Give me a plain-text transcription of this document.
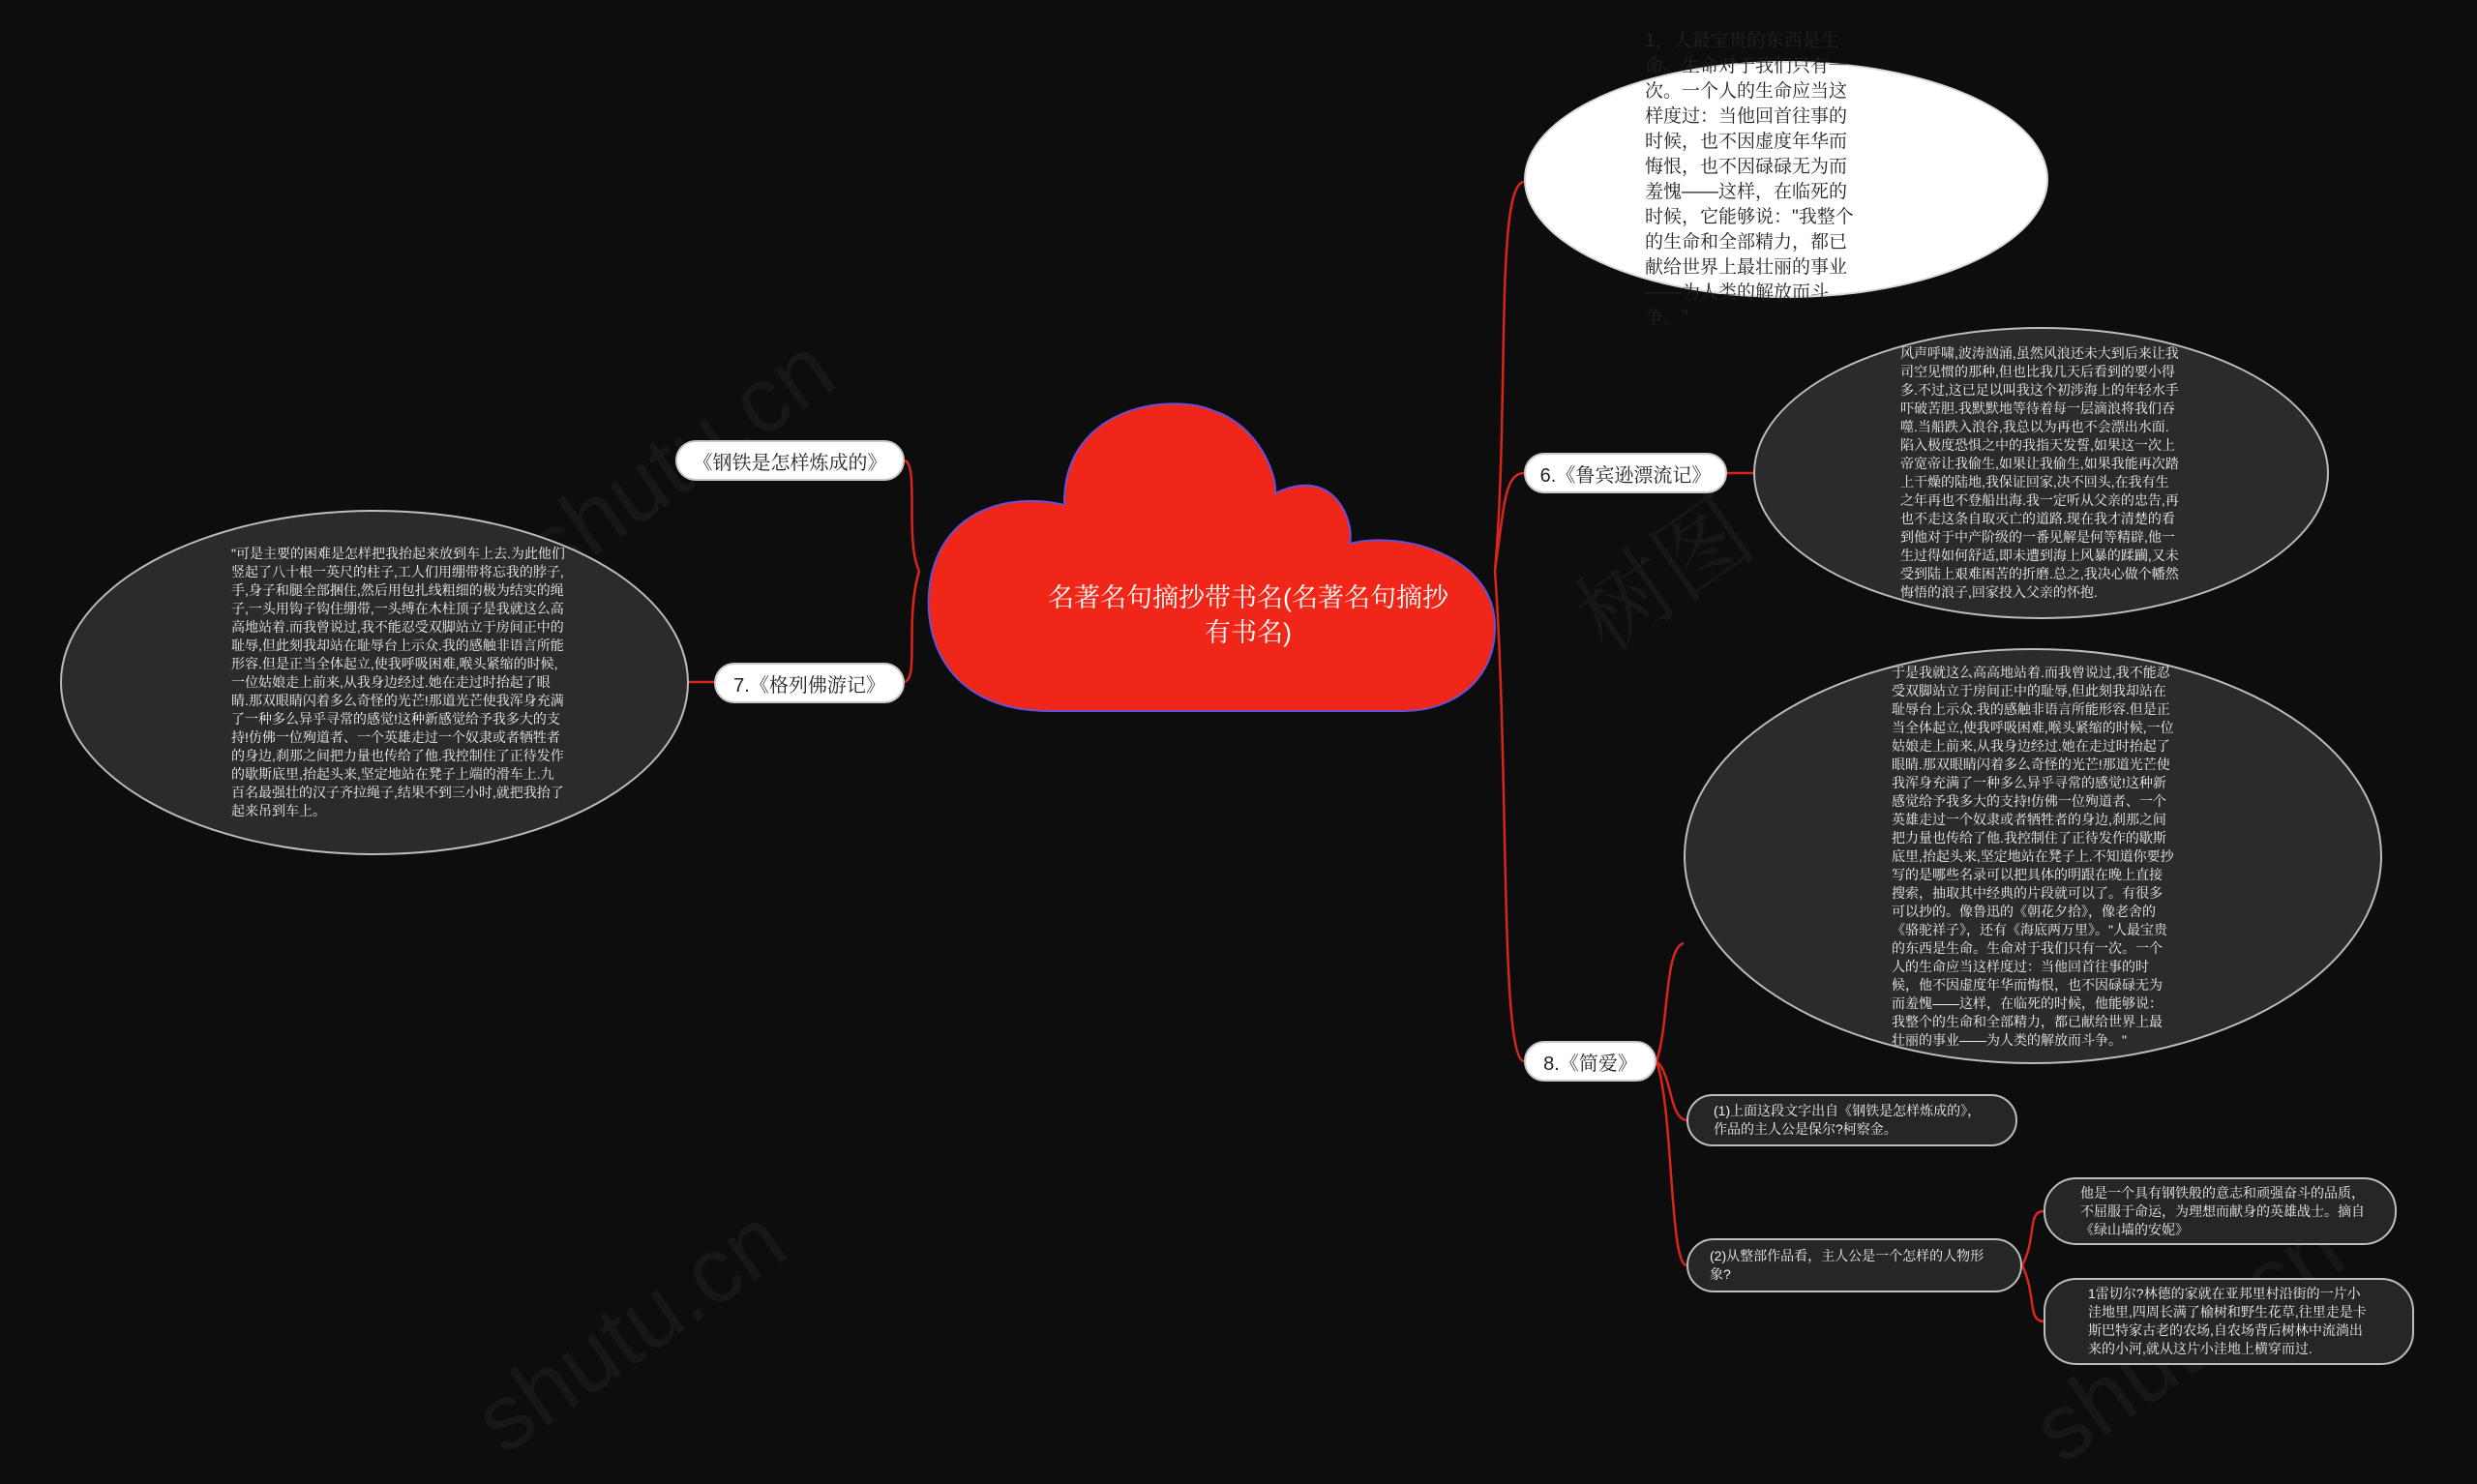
名著名句摘抄带书名(名著名句摘抄有书名)
《钢铁是怎样炼成的》
7.《格列佛游记》
"可是主要的困难是怎样把我抬起来放到车上去.为此他们竖起了八十根一英尺的柱子,工人们用绷带将忘我的脖子,手,身子和腿全部捆住,然后用包扎线粗细的极为结实的绳子,一头用钩子钩住绷带,一头缚在木柱顶子是我就这么高高地站着.而我曾说过,我不能忍受双脚站立于房间正中的耻辱,但此刻我却站在耻辱台上示众.我的感触非语言所能形容.但是正当全体起立,使我呼吸困难,喉头紧缩的时候,一位姑娘走上前来,从我身边经过.她在走过时抬起了眼睛.那双眼睛闪着多么奇怪的光芒!那道光芒使我浑身充满了一种多么异乎寻常的感觉!这种新感觉给予我多大的支持!仿佛一位殉道者、一个英雄走过一个奴隶或者牺牲者的身边,刹那之间把力量也传给了他.我控制住了正待发作的歇斯底里,抬起头来,坚定地站在凳子上端的滑车上.九百名最强壮的汉子齐拉绳子,结果不到三小时,就把我抬了起来吊到车上。
1，人最宝贵的东西是生命。生命对于我们只有一次。一个人的生命应当这样度过：当他回首往事的时候，也不因虚度年华而悔恨，也不因碌碌无为而羞愧——这样，在临死的时候，它能够说："我整个的生命和全部精力，都已献给世界上最壮丽的事业——为人类的解放而斗争。"
6.《鲁宾逊漂流记》
风声呼啸,波涛汹涌,虽然风浪还未大到后来让我司空见惯的那种,但也比我几天后看到的要小得多.不过,这已足以叫我这个初涉海上的年轻水手吓破苦胆.我默默地等待着每一层滴浪将我们吞噬.当船跌入浪谷,我总以为再也不会漂出水面.陷入极度恐惧之中的我指天发誓,如果这一次上帝宽帝让我偷生,如果让我偷生,如果我能再次踏上干燥的陆地,我保证回家,决不回头,在我有生之年再也不登船出海.我一定听从父亲的忠告,再也不走这条自取灭亡的道路.现在我才清楚的看到他对于中产阶级的一番见解是何等精辟,他一生过得如何舒适,即未遭到海上风暴的蹂躏,又未受到陆上艰难困苦的折磨.总之,我决心做个幡然悔悟的浪子,回家投入父亲的怀抱.
8.《简爱》
于是我就这么高高地站着.而我曾说过,我不能忍受双脚站立于房间正中的耻辱,但此刻我却站在耻辱台上示众.我的感触非语言所能形容.但是正当全体起立,使我呼吸困难,喉头紧缩的时候,一位姑娘走上前来,从我身边经过.她在走过时抬起了眼睛.那双眼睛闪着多么奇怪的光芒!那道光芒使我浑身充满了一种多么异乎寻常的感觉!这种新感觉给予我多大的支持!仿佛一位殉道者、一个英雄走过一个奴隶或者牺牲者的身边,刹那之间把力量也传给了他.我控制住了正待发作的歇斯底里,抬起头来,坚定地站在凳子上.不知道你要抄写的是哪些名录可以把具体的明跟在晚上直接搜索，抽取其中经典的片段就可以了。有很多可以抄的。像鲁迅的《朝花夕拾》，像老舍的《骆驼祥子》，还有《海底两万里》。"人最宝贵的东西是生命。生命对于我们只有一次。一个人的生命应当这样度过：当他回首往事的时候，他不因虚度年华而悔恨，也不因碌碌无为而羞愧——这样，在临死的时候，他能够说：我整个的生命和全部精力，都已献给世界上最壮丽的事业——为人类的解放而斗争。"
(1)上面这段文字出自《钢铁是怎样炼成的》，作品的主人公是保尔?柯察金。
(2)从整部作品看，主人公是一个怎样的人物形象?
他是一个具有钢铁般的意志和顽强奋斗的品质，不屈服于命运，为理想而献身的英雄战士。摘自《绿山墙的安妮》
1雷切尔?林德的家就在亚邦里村沿街的一片小洼地里,四周长满了榆树和野生花草,往里走是卡斯巴特家古老的农场,自农场背后树林中流淌出来的小河,就从这片小洼地上横穿而过.
